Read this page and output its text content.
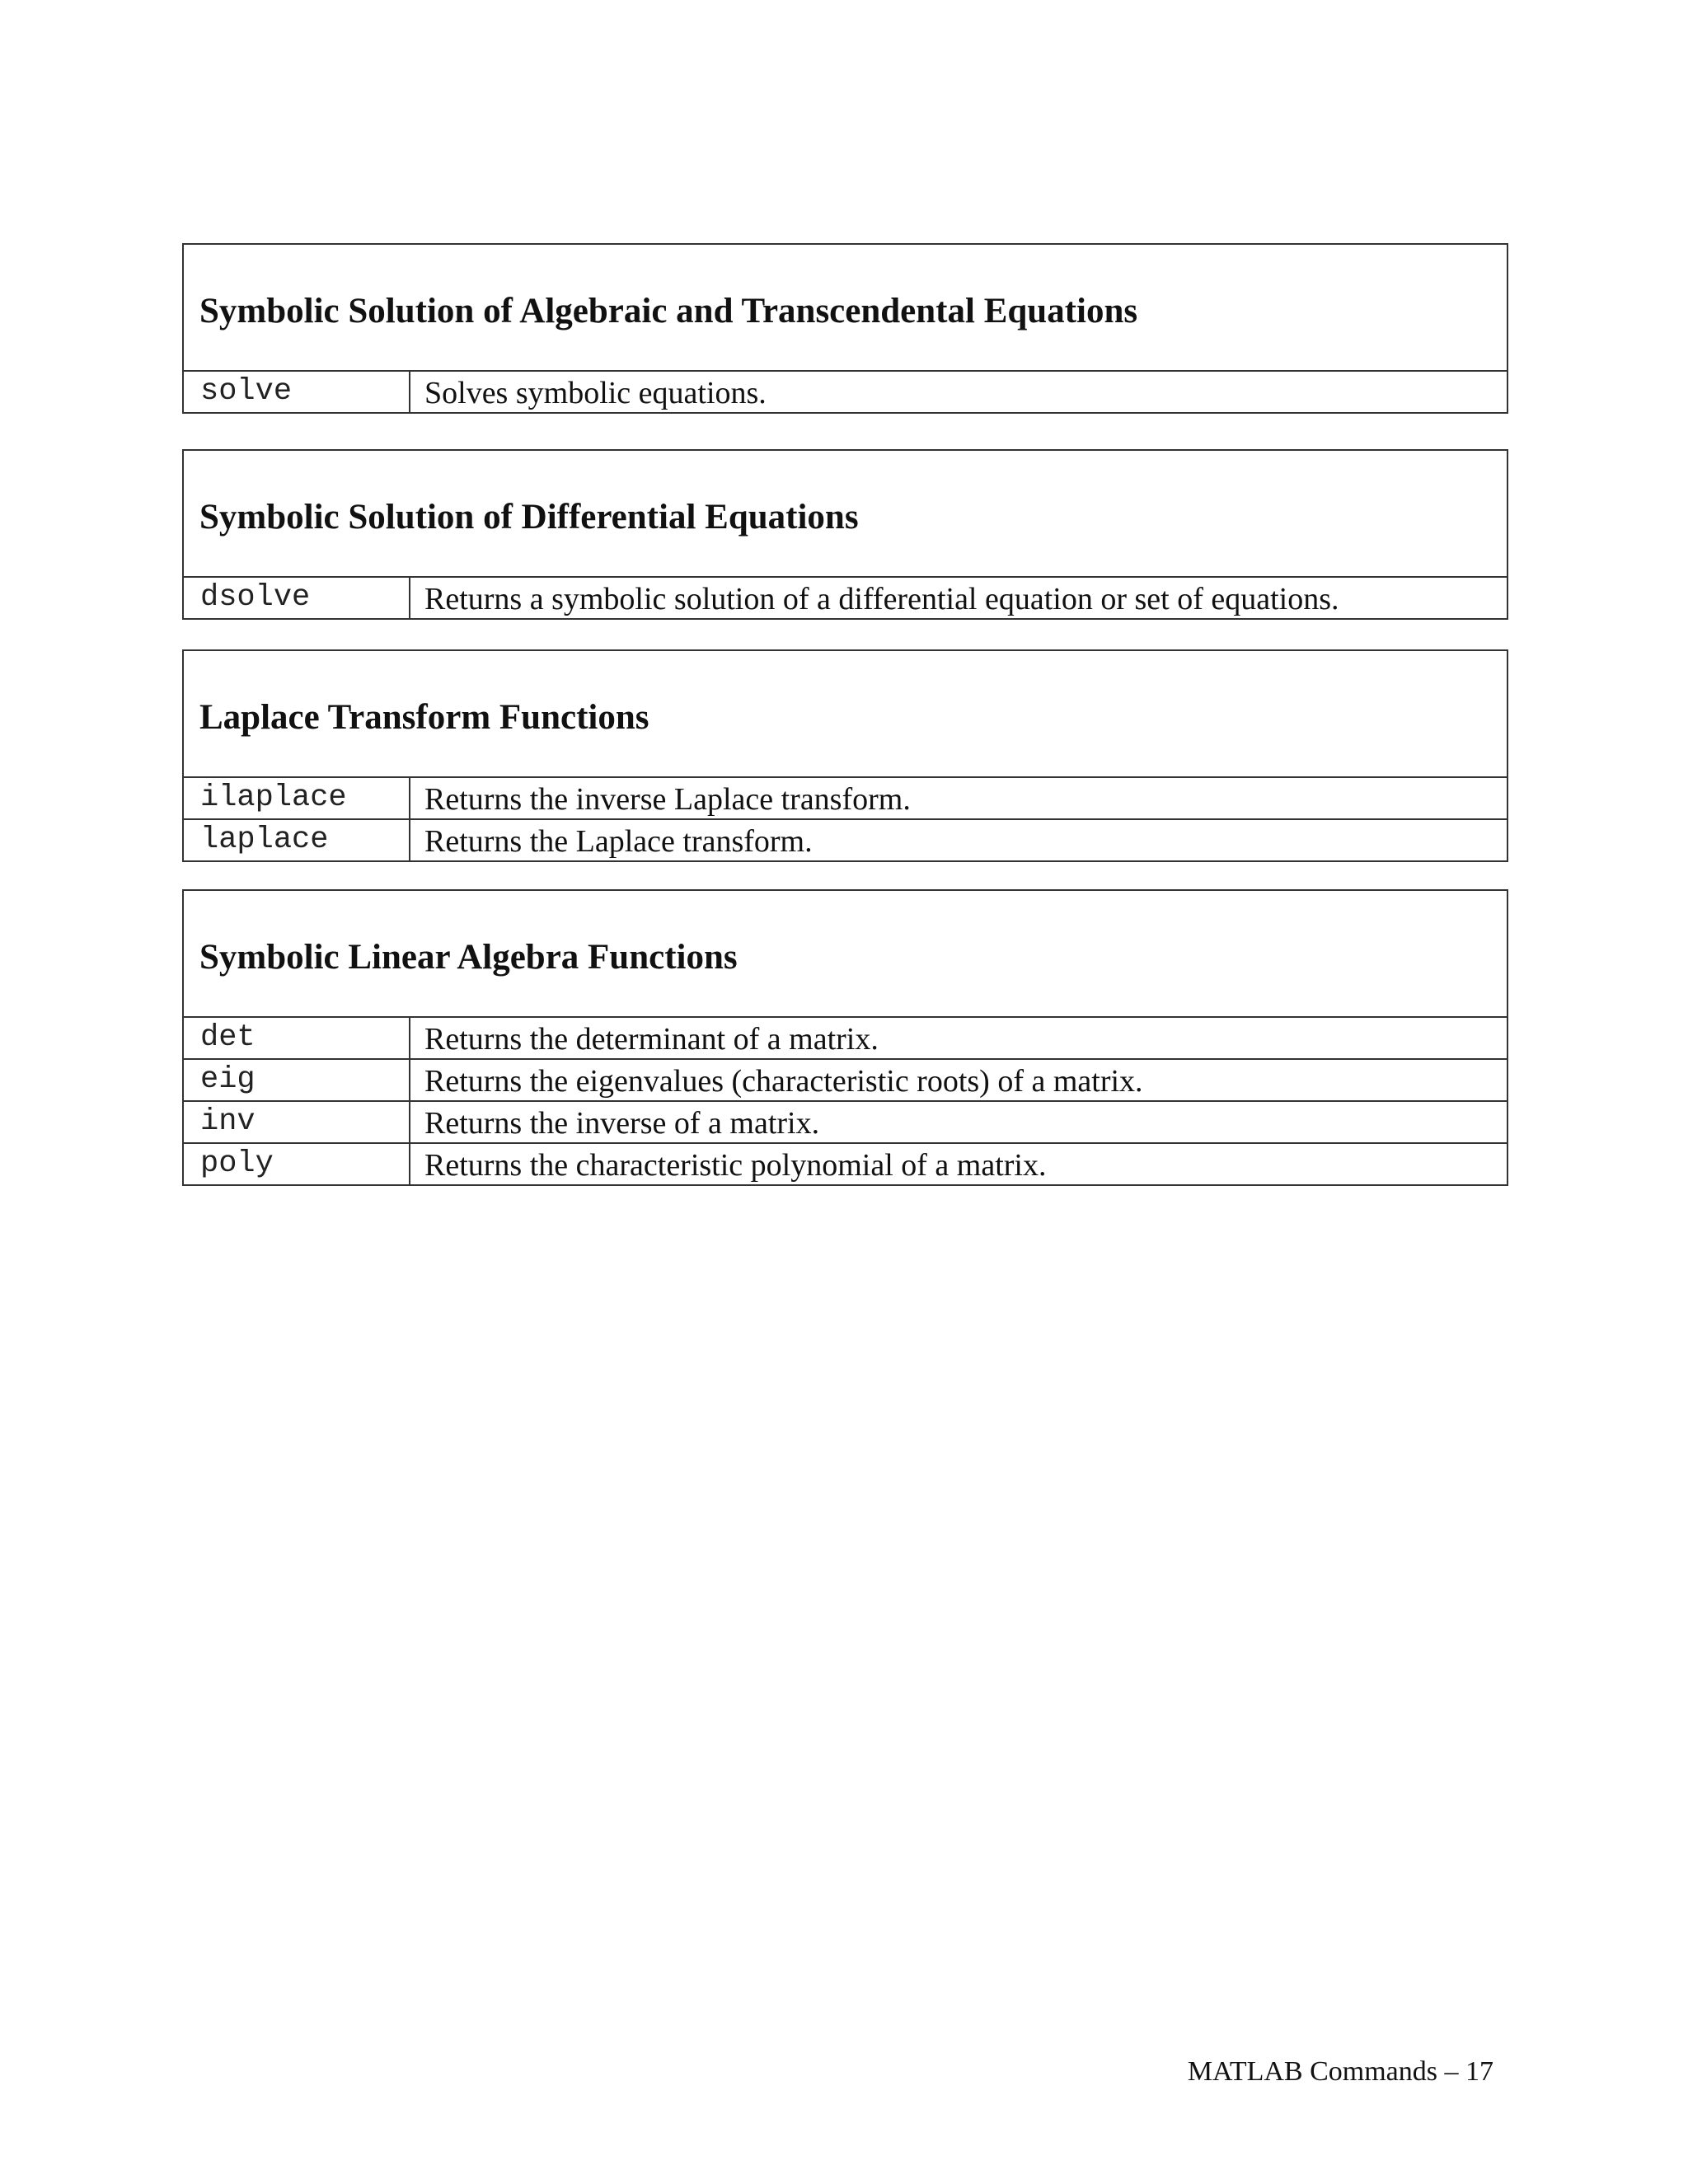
Symbolic Solution of Algebraic and Transcendental Equations
solve	Solves symbolic equations.
Symbolic Solution of Differential Equations
dsolve	Returns a symbolic solution of a differential equation or set of equations.
Laplace Transform Functions	
ilaplace	Returns the inverse Laplace transform.
laplace	Returns the Laplace transform.
Symbolic Linear Algebra Functions	
det	Returns the determinant of a matrix.
eig	Returns the eigenvalues (characteristic roots) of a matrix.
inv	Returns the inverse of a matrix.
poly	Returns the characteristic polynomial of a matrix.
MATLAB Commands – 17
